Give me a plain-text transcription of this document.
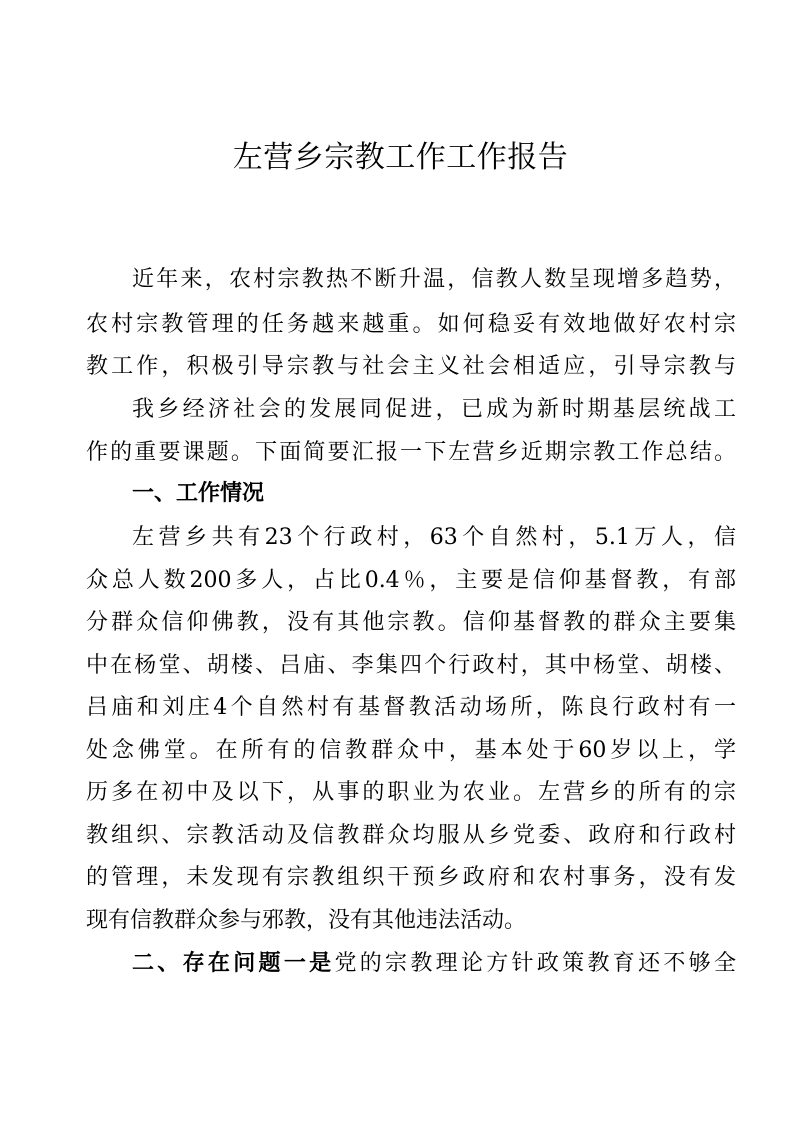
左营乡宗教工作工作报告
近年来，农村宗教热不断升温，信教人数呈现增多趋势，
农村宗教管理的任务越来越重。如何稳妥有效地做好农村宗
教工作，积极引导宗教与社会主义社会相适应，引导宗教与
我乡经济社会的发展同促进，已成为新时期基层统战工
作的重要课题。下面简要汇报一下左营乡近期宗教工作总结。
一、工作情况
左营乡共有23个行政村，63个自然村，5.1万人，信
众总人数200多人，占比0.4％，主要是信仰基督教，有部
分群众信仰佛教，没有其他宗教。信仰基督教的群众主要集
中在杨堂、胡楼、吕庙、李集四个行政村，其中杨堂、胡楼、
吕庙和刘庄4个自然村有基督教活动场所，陈良行政村有一
处念佛堂。在所有的信教群众中，基本处于60岁以上，学
历多在初中及以下，从事的职业为农业。左营乡的所有的宗
教组织、宗教活动及信教群众均服从乡党委、政府和行政村
的管理，未发现有宗教组织干预乡政府和农村事务，没有发
现有信教群众参与邪教，没有其他违法活动。
二、存在问题一是党的宗教理论方针政策教育还不够全
